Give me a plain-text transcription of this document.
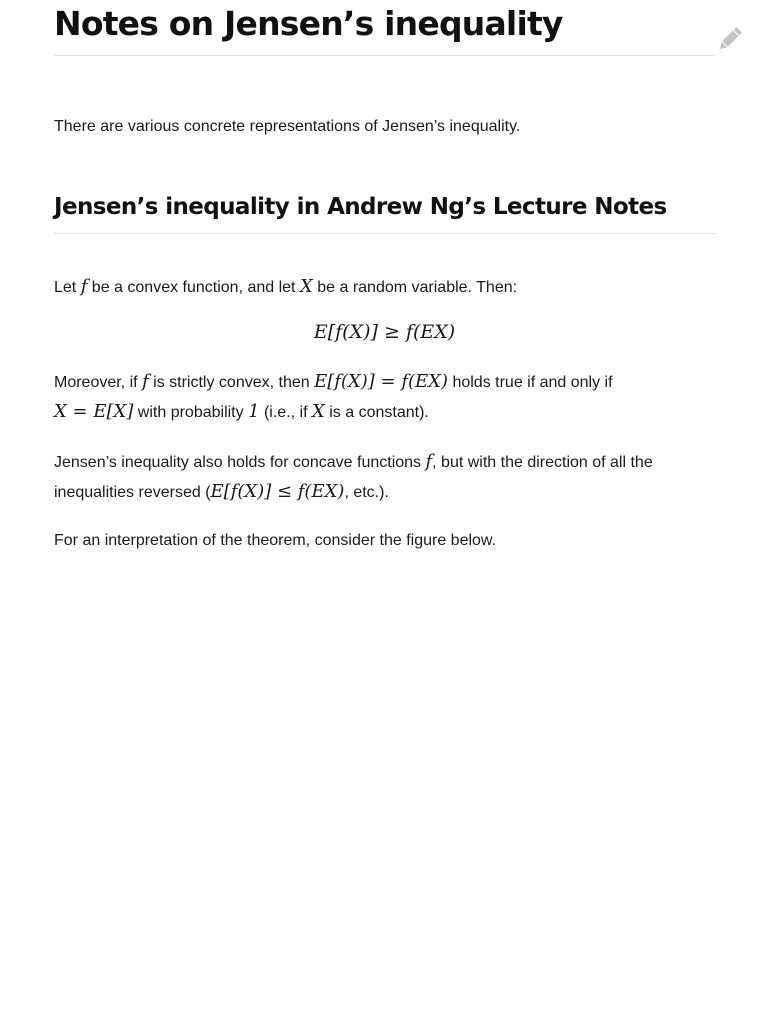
Notes on Jensen’s inequality

There are various concrete representations of Jensen’s inequality.

Jensen’s inequality in Andrew Ng’s Lecture Notes

Let f be a convex function, and let X be a random variable. Then:

E[f(X)] ≥ f(EX)

Moreover, if f is strictly convex, then E[f(X)] = f(EX) holds true if and only if
X = E[X] with probability 1 (i.e., if X is a constant).

Jensen’s inequality also holds for concave functions f, but with the direction of all the inequalities reversed (E[f(X)] ≤ f(EX), etc.).

For an interpretation of the theorem, consider the figure below.
